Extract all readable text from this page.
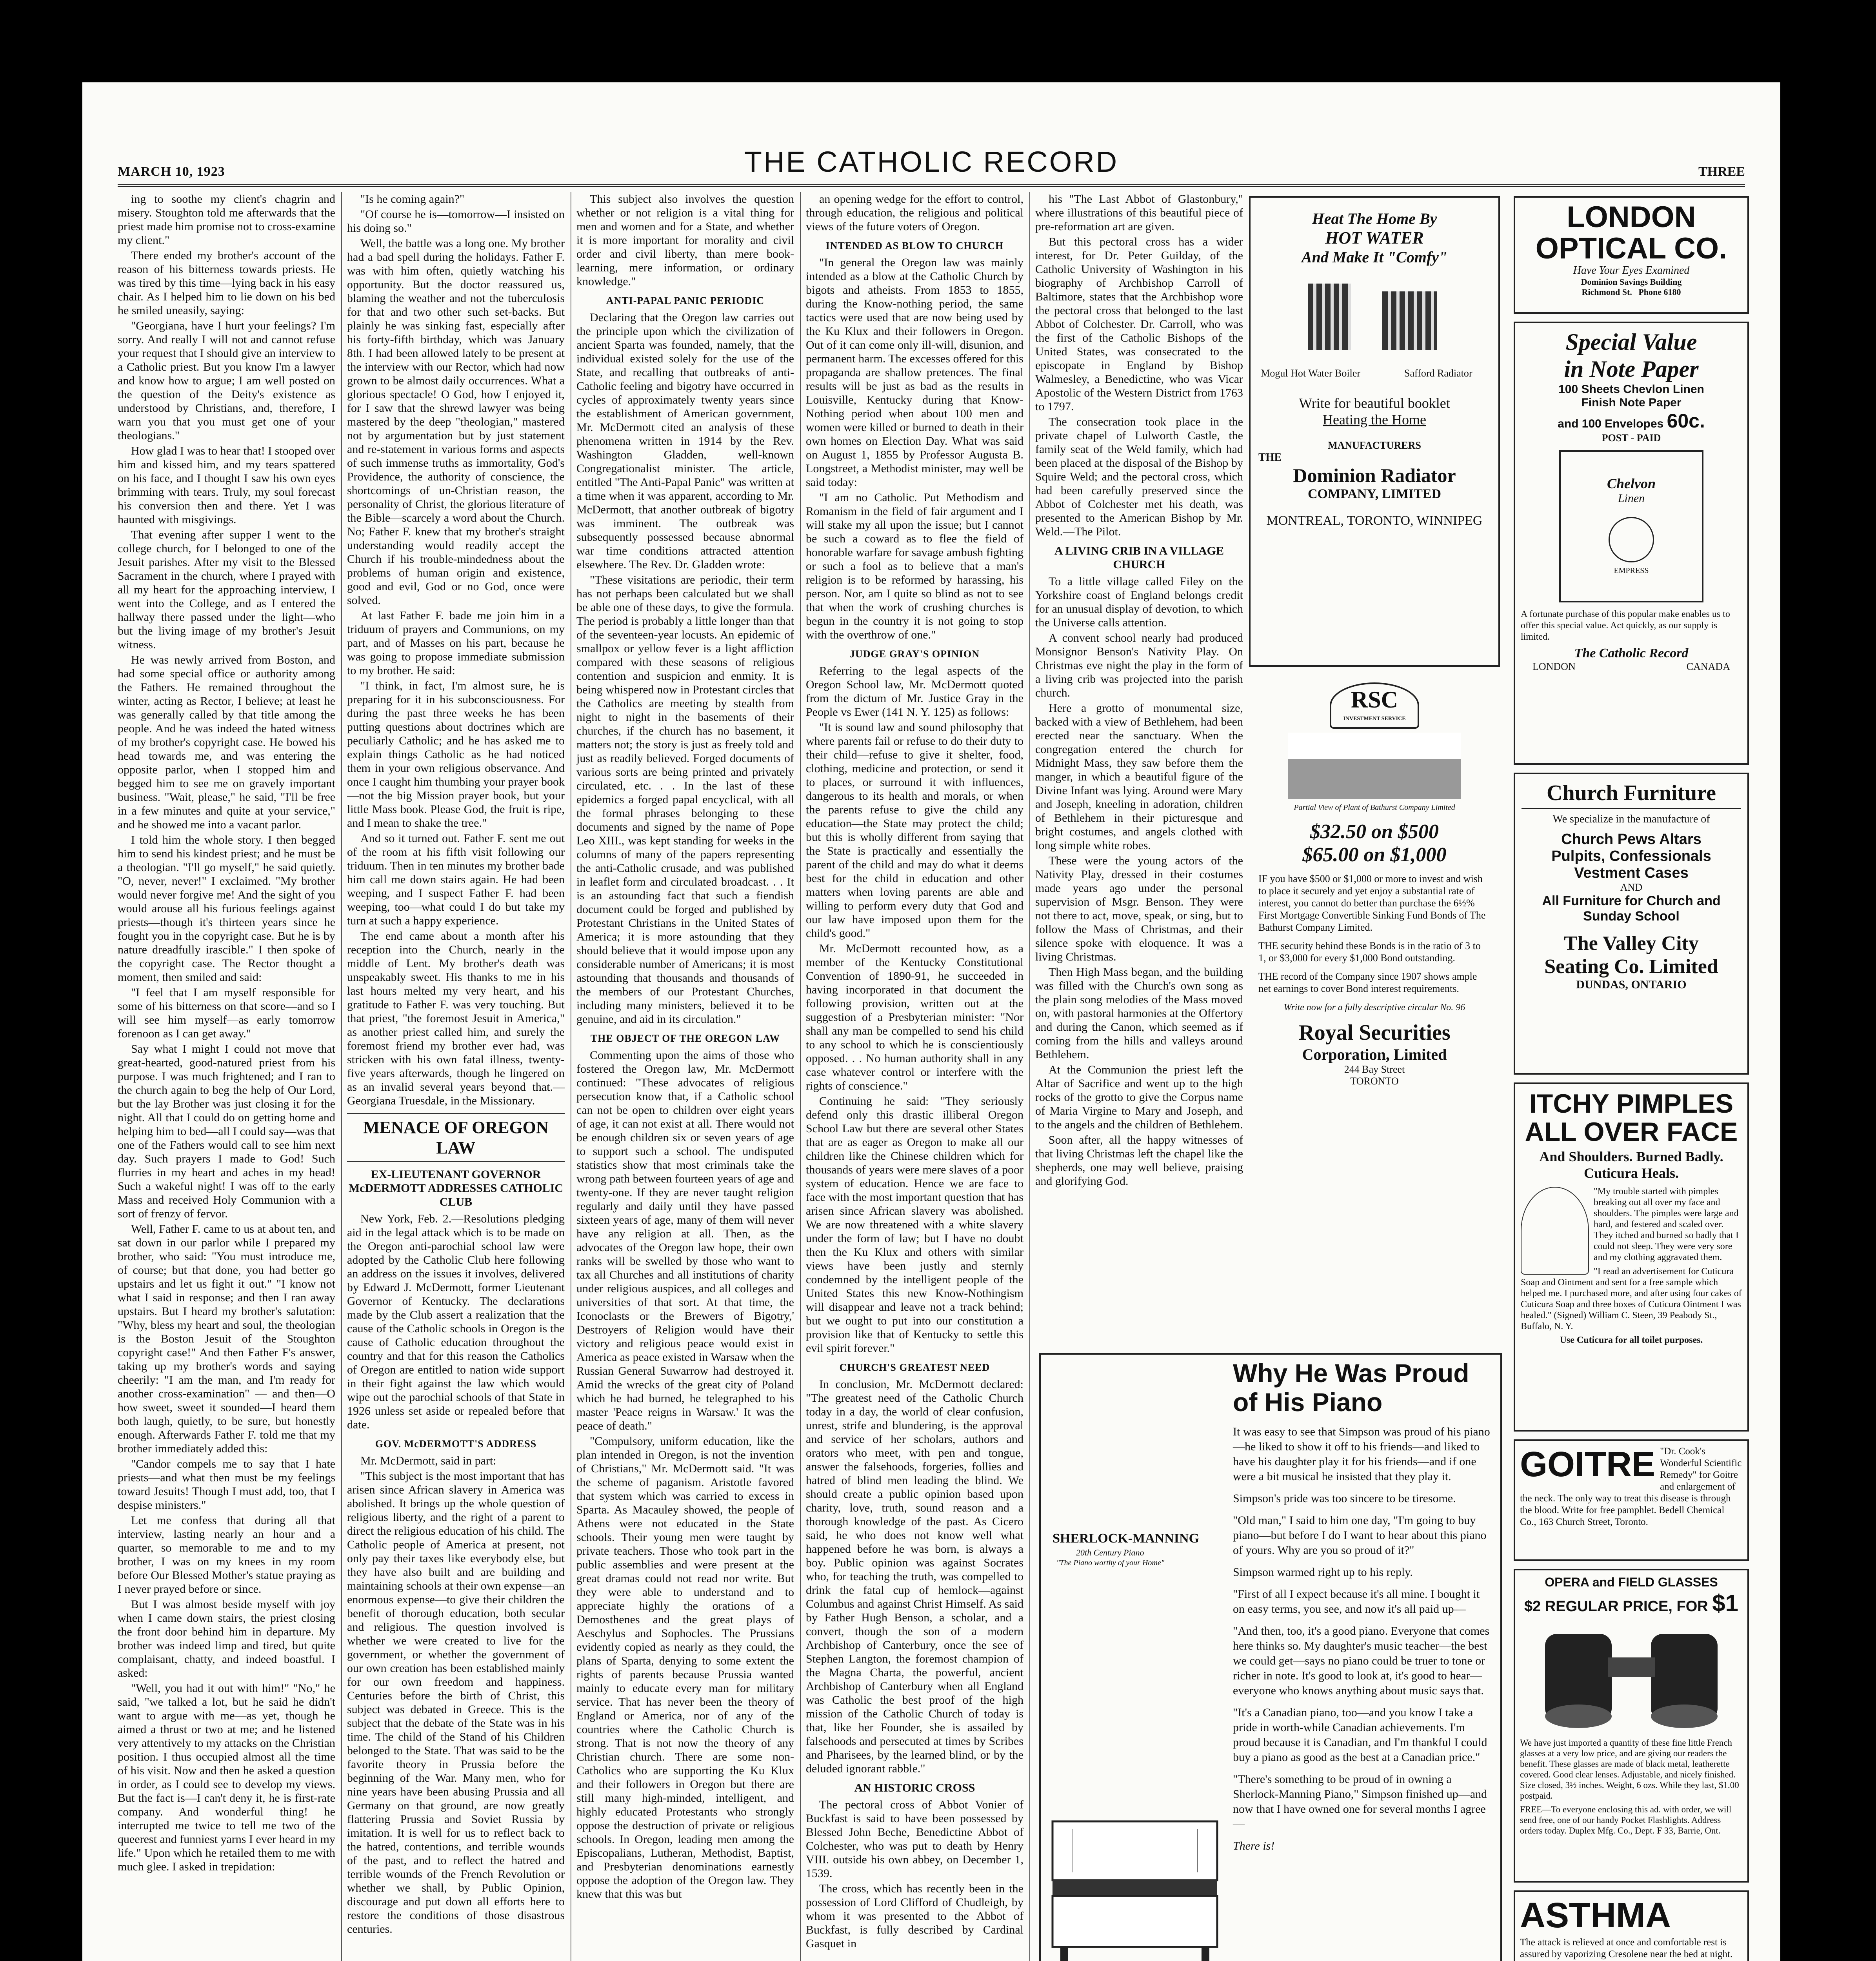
MARCH 10, 1923	THE CATHOLIC RECORD	THREE

ing to soothe my client's chagrin and misery. Stoughton told me afterwards that the priest made him promise not to cross-examine my client."

There ended my brother's account of the reason of his bitterness towards priests. He was tired by this time—lying back in his easy chair. As I helped him to lie down on his bed he smiled uneasily, saying:

"Georgiana, have I hurt your feelings? I'm sorry. And really I will not and cannot refuse your request that I should give an interview to a Catholic priest. But you know I'm a lawyer and know how to argue; I am well posted on the question of the Deity's existence as understood by Christians, and, therefore, I warn you that you must get one of your theologians."

How glad I was to hear that! I stooped over him and kissed him, and my tears spattered on his face, and I thought I saw his own eyes brimming with tears. Truly, my soul forecast his conversion then and there. Yet I was haunted with misgivings.

That evening after supper I went to the college church, for I belonged to one of the Jesuit parishes. After my visit to the Blessed Sacrament in the church, where I prayed with all my heart for the approaching interview, I went into the College, and as I entered the hallway there passed under the light—who but the living image of my brother's Jesuit witness.

He was newly arrived from Boston, and had some special office or authority among the Fathers. He remained throughout the winter, acting as Rector, I believe; at least he was generally called by that title among the people. And he was indeed the hated witness of my brother's copyright case. He bowed his head towards me, and was entering the opposite parlor, when I stopped him and begged him to see me on gravely important business. "Wait, please," he said, "I'll be free in a few minutes and quite at your service," and he showed me into a vacant parlor.

I told him the whole story. I then begged him to send his kindest priest; and he must be a theologian. "I'll go myself," he said quietly. "O, never, never!" I exclaimed. "My brother would never forgive me! And the sight of you would arouse all his furious feelings against priests—though it's thirteen years since he fought you in the copyright case. But he is by nature dreadfully irascible." I then spoke of the copyright case. The Rector thought a moment, then smiled and said:

"I feel that I am myself responsible for some of his bitterness on that score—and so I will see him myself—as early tomorrow forenoon as I can get away."

Say what I might I could not move that great-hearted, good-natured priest from his purpose. I was much frightened; and I ran to the church again to beg the help of Our Lord, but the lay Brother was just closing it for the night. All that I could do on getting home and helping him to bed—all I could say—was that one of the Fathers would call to see him next day. Such prayers I made to God! Such flurries in my heart and aches in my head! Such a wakeful night! I was off to the early Mass and received Holy Communion with a sort of frenzy of fervor.

Well, Father F. came to us at about ten, and sat down in our parlor while I prepared my brother, who said: "You must introduce me, of course; but that done, you had better go upstairs and let us fight it out." "I know not what I said in response; and then I ran away upstairs. But I heard my brother's salutation: "Why, bless my heart and soul, the theologian is the Boston Jesuit of the Stoughton copyright case!" And then Father F's answer, taking up my brother's words and saying cheerily: "I am the man, and I'm ready for another cross-examination" — and then—O how sweet, sweet it sounded—I heard them both laugh, quietly, to be sure, but honestly enough. Afterwards Father F. told me that my brother immediately added this:

"Candor compels me to say that I hate priests—and what then must be my feelings toward Jesuits! Though I must add, too, that I despise ministers."

Let me confess that during all that interview, lasting nearly an hour and a quarter, so memorable to me and to my brother, I was on my knees in my room before Our Blessed Mother's statue praying as I never prayed before or since.

But I was almost beside myself with joy when I came down stairs, the priest closing the front door behind him in departure. My brother was indeed limp and tired, but quite complaisant, chatty, and indeed boastful. I asked:

"Well, you had it out with him!" "No," he said, "we talked a lot, but he said he didn't want to argue with me—as yet, though he aimed a thrust or two at me; and he listened very attentively to my attacks on the Christian position. I thus occupied almost all the time of his visit. Now and then he asked a question in order, as I could see to develop my views. But the fact is—I can't deny it, he is first-rate company. And wonderful thing! he interrupted me twice to tell me two of the queerest and funniest yarns I ever heard in my life." Upon which he retailed them to me with much glee. I asked in trepidation:

"Is he coming again?"

"Of course he is—tomorrow—I insisted on his doing so."

Well, the battle was a long one. My brother had a bad spell during the holidays. Father F. was with him often, quietly watching his opportunity. But the doctor reassured us, blaming the weather and not the tuberculosis for that and two other such set-backs. But plainly he was sinking fast, especially after his forty-fifth birthday, which was January 8th. I had been allowed lately to be present at the interview with our Rector, which had now grown to be almost daily occurrences. What a glorious spectacle! O God, how I enjoyed it, for I saw that the shrewd lawyer was being mastered by the deep "theologian," mastered not by argumentation but by just statement and re-statement in various forms and aspects of such immense truths as immortality, God's Providence, the authority of conscience, the shortcomings of un-Christian reason, the personality of Christ, the glorious literature of the Bible—scarcely a word about the Church. No; Father F. knew that my brother's straight understanding would readily accept the Church if his trouble-mindedness about the problems of human origin and existence, good and evil, God or no God, once were solved.

At last Father F. bade me join him in a triduum of prayers and Communions, on my part, and of Masses on his part, because he was going to propose immediate submission to my brother. He said:

"I think, in fact, I'm almost sure, he is preparing for it in his subconsciousness. For during the past three weeks he has been putting questions about doctrines which are peculiarly Catholic; and he has asked me to explain things Catholic as he had noticed them in your own religious observance. And once I caught him thumbing your prayer book—not the big Mission prayer book, but your little Mass book. Please God, the fruit is ripe, and I mean to shake the tree."

And so it turned out. Father F. sent me out of the room at his fifth visit following our triduum. Then in ten minutes my brother bade him call me down stairs again. He had been weeping, and I suspect Father F. had been weeping, too—what could I do but take my turn at such a happy experience.

The end came about a month after his reception into the Church, nearly in the middle of Lent. My brother's death was unspeakably sweet. His thanks to me in his last hours melted my very heart, and his gratitude to Father F. was very touching. But that priest, "the foremost Jesuit in America," as another priest called him, and surely the foremost friend my brother ever had, was stricken with his own fatal illness, twenty-five years afterwards, though he lingered on as an invalid several years beyond that.—Georgiana Truesdale, in the Missionary.

MENACE OF OREGON LAW
EX-LIEUTENANT GOVERNOR McDERMOTT ADDRESSES CATHOLIC CLUB

New York, Feb. 2.—Resolutions pledging aid in the legal attack which is to be made on the Oregon anti-parochial school law were adopted by the Catholic Club here following an address on the issues it involves, delivered by Edward J. McDermott, former Lieutenant Governor of Kentucky. The declarations made by the Club assert a realization that the cause of the Catholic schools in Oregon is the cause of Catholic education throughout the country and that for this reason the Catholics of Oregon are entitled to nation wide support in their fight against the law which would wipe out the parochial schools of that State in 1926 unless set aside or repealed before that date.

GOV. McDERMOTT'S ADDRESS

Mr. McDermott, said in part:

"This subject is the most important that has arisen since African slavery in America was abolished. It brings up the whole question of religious liberty, and the right of a parent to direct the religious education of his child. The Catholic people of America at present, not only pay their taxes like everybody else, but they have also built and are building and maintaining schools at their own expense—an enormous expense—to give their children the benefit of thorough education, both secular and religious. The question involved is whether we were created to live for the government, or whether the government of our own creation has been established mainly for our own freedom and happiness. Centuries before the birth of Christ, this subject was debated in Greece. This is the subject that the debate of the State was in his time. The child of the Stand of his Children belonged to the State. That was said to be the favorite theory in Prussia before the beginning of the War. Many men, who for nine years have been abusing Prussia and all Germany on that ground, are now greatly flattering Prussia and Soviet Russia by imitation. It is well for us to reflect back to the hatred, contentions, and terrible wounds of the past, and to reflect the hatred and terrible wounds of the French Revolution or whether we shall, by Public Opinion, discourage and put down all efforts here to restore the conditions of those disastrous centuries.

This subject also involves the question whether or not religion is a vital thing for men and women and for a State, and whether it is more important for morality and civil order and civil liberty, than mere book-learning, mere information, or ordinary knowledge."

ANTI-PAPAL PANIC PERIODIC

Declaring that the Oregon law carries out the principle upon which the civilization of ancient Sparta was founded, namely, that the individual existed solely for the use of the State, and recalling that outbreaks of anti-Catholic feeling and bigotry have occurred in cycles of approximately twenty years since the establishment of American government, Mr. McDermott cited an analysis of these phenomena written in 1914 by the Rev. Washington Gladden, well-known Congregationalist minister. The article, entitled "The Anti-Papal Panic" was written at a time when it was apparent, according to Mr. McDermott, that another outbreak of bigotry was imminent. The outbreak was subsequently possessed because abnormal war time conditions attracted attention elsewhere. The Rev. Dr. Gladden wrote:

"These visitations are periodic, their term has not perhaps been calculated but we shall be able one of these days, to give the formula. The period is probably a little longer than that of the seventeen-year locusts. An epidemic of smallpox or yellow fever is a light affliction compared with these seasons of religious contention and suspicion and enmity. It is being whispered now in Protestant circles that the Catholics are meeting by stealth from night to night in the basements of their churches, if the church has no basement, it matters not; the story is just as freely told and just as readily believed. Forged documents of various sorts are being printed and privately circulated, etc. . . In the last of these epidemics a forged papal encyclical, with all the formal phrases belonging to these documents and signed by the name of Pope Leo XIII., was kept standing for weeks in the columns of many of the papers representing the anti-Catholic crusade, and was published in leaflet form and circulated broadcast. . . It is an astounding fact that such a fiendish document could be forged and published by Protestant Christians in the United States of America; it is more astounding that they should believe that it would impose upon any considerable number of Americans; it is most astounding that thousands and thousands of the members of our Protestant Churches, including many ministers, believed it to be genuine, and aid in its circulation."

THE OBJECT OF THE OREGON LAW

Commenting upon the aims of those who fostered the Oregon law, Mr. McDermott continued: "These advocates of religious persecution know that, if a Catholic school can not be open to children over eight years of age, it can not exist at all. There would not be enough children six or seven years of age to support such a school. The undisputed statistics show that most criminals take the wrong path between fourteen years of age and twenty-one. If they are never taught religion regularly and daily until they have passed sixteen years of age, many of them will never have any religion at all. Then, as the advocates of the Oregon law hope, their own ranks will be swelled by those who want to tax all Churches and all institutions of charity under religious auspices, and all colleges and universities of that sort. At that time, the Iconoclasts or the Brewers of Bigotry,' Destroyers of Religion would have their victory and religious peace would exist in America as peace existed in Warsaw when the Russian General Suwarrow had destroyed it. Amid the wrecks of the great city of Poland which he had burned, he telegraphed to his master 'Peace reigns in Warsaw.' It was the peace of death."

"Compulsory, uniform education, like the plan intended in Oregon, is not the invention of Christians," Mr. McDermott said. "It was the scheme of paganism. Aristotle favored that system which was carried to excess in Sparta. As Macauley showed, the people of Athens were not educated in the State schools. Their young men were taught by private teachers. Those who took part in the public assemblies and were present at the great dramas could not read nor write. But they were able to understand and to appreciate highly the orations of a Demosthenes and the great plays of Aeschylus and Sophocles. The Prussians evidently copied as nearly as they could, the plans of Sparta, denying to some extent the rights of parents because Prussia wanted mainly to educate every man for military service. That has never been the theory of England or America, nor of any of the countries where the Catholic Church is strong. That is not now the theory of any Christian church. There are some non-Catholics who are supporting the Ku Klux and their followers in Oregon but there are still many high-minded, intelligent, and highly educated Protestants who strongly oppose the destruction of private or religious schools. In Oregon, leading men among the Episcopalians, Lutheran, Methodist, Baptist, and Presbyterian denominations earnestly oppose the adoption of the Oregon law. They knew that this was but

an opening wedge for the effort to control, through education, the religious and political views of the future voters of Oregon.

INTENDED AS BLOW TO CHURCH

"In general the Oregon law was mainly intended as a blow at the Catholic Church by bigots and atheists. From 1853 to 1855, during the Know-nothing period, the same tactics were used that are now being used by the Ku Klux and their followers in Oregon. Out of it can come only ill-will, disunion, and permanent harm. The excesses offered for this propaganda are shallow pretences. The final results will be just as bad as the results in Louisville, Kentucky during that Know-Nothing period when about 100 men and women were killed or burned to death in their own homes on Election Day. What was said on August 1, 1855 by Professor Augusta B. Longstreet, a Methodist minister, may well be said today:

"I am no Catholic. Put Methodism and Romanism in the field of fair argument and I will stake my all upon the issue; but I cannot be such a coward as to flee the field of honorable warfare for savage ambush fighting or such a fool as to believe that a man's religion is to be reformed by harassing, his person. Nor, am I quite so blind as not to see that when the work of crushing churches is begun in the country it is not going to stop with the overthrow of one."

JUDGE GRAY'S OPINION

Referring to the legal aspects of the Oregon School law, Mr. McDermott quoted from the dictum of Mr. Justice Gray in the People vs Ewer (141 N. Y. 125) as follows:

"It is sound law and sound philosophy that where parents fail or refuse to do their duty to their child—refuse to give it shelter, food, clothing, medicine and protection, or send it to places, or surround it with influences, dangerous to its health and morals, or when the parents refuse to give the child any education—the State may protect the child; but this is wholly different from saying that the State is practically and essentially the parent of the child and may do what it deems best for the child in education and other matters when loving parents are able and willing to perform every duty that God and our law have imposed upon them for the child's good."

Mr. McDermott recounted how, as a member of the Kentucky Constitutional Convention of 1890-91, he succeeded in having incorporated in that document the following provision, written out at the suggestion of a Presbyterian minister: "Nor shall any man be compelled to send his child to any school to which he is conscientiously opposed. . . No human authority shall in any case whatever control or interfere with the rights of conscience."

Continuing he said: "They seriously defend only this drastic illiberal Oregon School Law but there are several other States that are as eager as Oregon to make all our children like the Chinese children which for thousands of years were mere slaves of a poor system of education. Hence we are face to face with the most important question that has arisen since African slavery was abolished. We are now threatened with a white slavery under the form of law; but I have no doubt then the Ku Klux and others with similar views have been justly and sternly condemned by the intelligent people of the United States this new Know-Nothingism will disappear and leave not a track behind; but we ought to put into our constitution a provision like that of Kentucky to settle this evil spirit forever."

CHURCH'S GREATEST NEED

In conclusion, Mr. McDermott declared: "The greatest need of the Catholic Church today in a day, the world of clear confusion, unrest, strife and blundering, is the approval and service of her scholars, authors and orators who meet, with pen and tongue, answer the falsehoods, forgeries, follies and hatred of blind men leading the blind. We should create a public opinion based upon charity, love, truth, sound reason and a thorough knowledge of the past. As Cicero said, he who does not know well what happened before he was born, is always a boy. Public opinion was against Socrates who, for teaching the truth, was compelled to drink the fatal cup of hemlock—against Columbus and against Christ Himself. As said by Father Hugh Benson, a scholar, and a convert, though the son of a modern Archbishop of Canterbury, once the see of Stephen Langton, the foremost champion of the Magna Charta, the powerful, ancient Archbishop of Canterbury when all England was Catholic the best proof of the high mission of the Catholic Church of today is that, like her Founder, she is assailed by falsehoods and persecuted at times by Scribes and Pharisees, by the learned blind, or by the deluded ignorant rabble."

AN HISTORIC CROSS

The pectoral cross of Abbot Vonier of Buckfast is said to have been possessed by Blessed John Beche, Benedictine Abbot of Colchester, who was put to death by Henry VIII. outside his own abbey, on December 1, 1539.

The cross, which has recently been in the possession of Lord Clifford of Chudleigh, by whom it was presented to the Abbot of Buckfast, is fully described by Cardinal Gasquet in

his "The Last Abbot of Glastonbury," where illustrations of this beautiful piece of pre-reformation art are given.

But this pectoral cross has a wider interest, for Dr. Peter Guilday, of the Catholic University of Washington in his biography of Archbishop Carroll of Baltimore, states that the Archbishop wore the pectoral cross that belonged to the last Abbot of Colchester. Dr. Carroll, who was the first of the Catholic Bishops of the United States, was consecrated to the episcopate in England by Bishop Walmesley, a Benedictine, who was Vicar Apostolic of the Western District from 1763 to 1797.

The consecration took place in the private chapel of Lulworth Castle, the family seat of the Weld family, which had been placed at the disposal of the Bishop by Squire Weld; and the pectoral cross, which had been carefully preserved since the Abbot of Colchester met his death, was presented to the American Bishop by Mr. Weld.—The Pilot.

A LIVING CRIB IN A VILLAGE CHURCH

To a little village called Filey on the Yorkshire coast of England belongs credit for an unusual display of devotion, to which the Universe calls attention.

A convent school nearly had produced Monsignor Benson's Nativity Play. On Christmas eve night the play in the form of a living crib was projected into the parish church.

Here a grotto of monumental size, backed with a view of Bethlehem, had been erected near the sanctuary. When the congregation entered the church for Midnight Mass, they saw before them the manger, in which a beautiful figure of the Divine Infant was lying. Around were Mary and Joseph, kneeling in adoration, children of Bethlehem in their picturesque and bright costumes, and angels clothed with long simple white robes.

These were the young actors of the Nativity Play, dressed in their costumes made years ago under the personal supervision of Msgr. Benson. They were not there to act, move, speak, or sing, but to follow the Mass of Christmas, and their silence spoke with eloquence. It was a living Christmas.

Then High Mass began, and the building was filled with the Church's own song as the plain song melodies of the Mass moved on, with pastoral harmonies at the Offertory and during the Canon, which seemed as if coming from the hills and valleys around Bethlehem.

At the Communion the priest left the Altar of Sacrifice and went up to the high rocks of the grotto to give the Corpus name of Maria Virgine to Mary and Joseph, and to the angels and the children of Bethlehem.

Soon after, all the happy witnesses of that living Christmas left the chapel like the shepherds, one may well believe, praising and glorifying God.

Heat The Home By
HOT WATER
And Make It "Comfy"
Mogul Hot Water Boiler	Safford Radiator
Write for beautiful booklet
Heating the Home
MANUFACTURERS
THE
Dominion Radiator
COMPANY, LIMITED
MONTREAL, TORONTO, WINNIPEG
RSC
INVESTMENT SERVICE
Partial View of Plant of Bathurst Company Limited
$32.50 on $500
$65.00 on $1,000

IF you have $500 or $1,000 or more to invest and wish to place it securely and yet enjoy a substantial rate of interest, you cannot do better than purchase the 6½% First Mortgage Convertible Sinking Fund Bonds of The Bathurst Company Limited.

THE security behind these Bonds is in the ratio of 3 to 1, or $3,000 for every $1,000 Bond outstanding.

THE record of the Company since 1907 shows ample net earnings to cover Bond interest requirements.

Write now for a fully descriptive circular No. 96
Royal Securities
Corporation, Limited
244 Bay Street
TORONTO
SHERLOCK-MANNING
20th Century Piano
"The Piano worthy of your Home"
Why He Was Proud of His Piano

It was easy to see that Simpson was proud of his piano—he liked to show it off to his friends—and liked to have his daughter play it for his friends—and if one were a bit musical he insisted that they play it.

Simpson's pride was too sincere to be tiresome.

"Old man," I said to him one day, "I'm going to buy piano—but before I do I want to hear about this piano of yours. Why are you so proud of it?"

Simpson warmed right up to his reply.

"First of all I expect because it's all mine. I bought it on easy terms, you see, and now it's all paid up—

"And then, too, it's a good piano. Everyone that comes here thinks so. My daughter's music teacher—the best we could get—says no piano could be truer to tone or richer in note. It's good to look at, it's good to hear—everyone who knows anything about music says that.

"It's a Canadian piano, too—and you know I take a pride in worth-while Canadian achievements. I'm proud because it is Canadian, and I'm thankful I could buy a piano as good as the best at a Canadian price."

"There's something to be proud of in owning a Sherlock-Manning Piano," Simpson finished up—and now that I have owned one for several months I agree—

There is!

LONDON
OPTICAL CO.
Have Your Eyes Examined
Dominion Savings Building
Richmond St. Phone 6180
Special Value
in Note Paper
100 Sheets Chevlon Linen
Finish Note Paper
and 100 Envelopes 60c.
POST - PAID
Chelvon
Linen
EMPRESS
A fortunate purchase of this popular make enables us to offer this special value. Act quickly, as our supply is limited.
The Catholic Record
LONDON	CANADA
Church Furniture
We specialize in the manufacture of
Church Pews Altars
Pulpits, Confessionals
Vestment Cases
AND
All Furniture for Church and Sunday School
The Valley City
Seating Co. Limited
DUNDAS, ONTARIO
ITCHY PIMPLES
ALL OVER FACE
And Shoulders. Burned Badly. Cuticura Heals.

"My trouble started with pimples breaking out all over my face and shoulders. The pimples were large and hard, and festered and scaled over. They itched and burned so badly that I could not sleep. They were very sore and my clothing aggravated them.

"I read an advertisement for Cuticura Soap and Ointment and sent for a free sample which helped me. I purchased more, and after using four cakes of Cuticura Soap and three boxes of Cuticura Ointment I was healed." (Signed) William C. Steen, 39 Peabody St., Buffalo, N. Y.

Use Cuticura for all toilet purposes.

GOITRE "Dr. Cook's Wonderful Scientific Remedy" for Goitre and enlargement of the neck. The only way to treat this disease is through the blood. Write for free pamphlet. Bedell Chemical Co., 163 Church Street, Toronto.
OPERA and FIELD GLASSES
$2 REGULAR PRICE, FOR $1

We have just imported a quantity of these fine little French glasses at a very low price, and are giving our readers the benefit. These glasses are made of black metal, leatherette covered. Good clear lenses. Adjustable, and nicely finished. Size closed, 3½ inches. Weight, 6 ozs. While they last, $1.00 postpaid.

FREE—To everyone enclosing this ad. with order, we will send free, one of our handy Pocket Flashlights. Address orders today. Duplex Mfg. Co., Dept. F 33, Barrie, Ont.

ASTHMA

The attack is relieved at once and comfortable rest is assured by vaporizing Cresolene near the bed at night.
